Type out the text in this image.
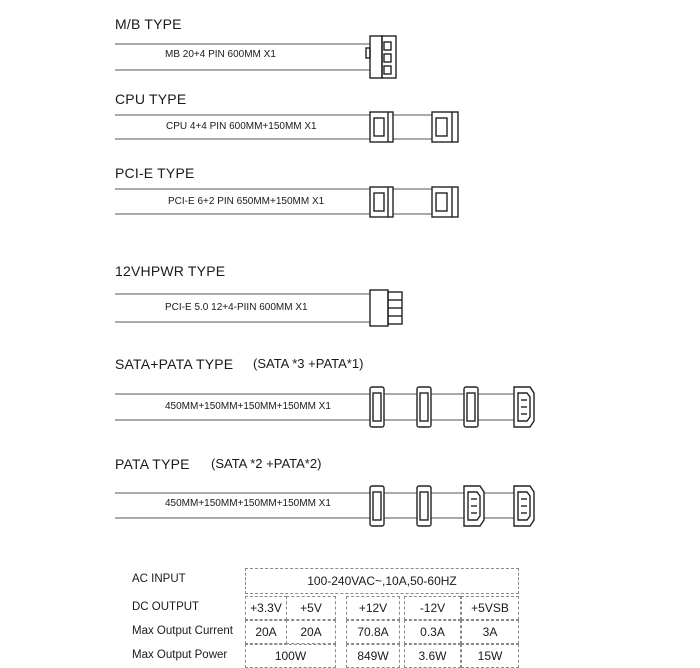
M/B TYPE
CPU TYPE
PCI-E TYPE
12VHPWR TYPE
SATA+PATA TYPE (SATA *3 +PATA*1)
PATA TYPE (SATA *2 +PATA*2)
MB 20+4 PIN 600MM X1
CPU 4+4 PIN 600MM+150MM X1
PCI-E 6+2 PIN 650MM+150MM X1
PCI-E 5.0 12+4-PIIN 600MM X1
450MM+150MM+150MM+150MM X1
450MM+150MM+150MM+150MM X1
AC INPUT	100-240VAC~,10A,50-60HZ
DC OUTPUT	+3.3V	+5V	+12V	-12V	+5VSB
Max Output Current	20A	20A	70.8A	0.3A	3A
Max Output Power	100W	849W	3.6W	15W
